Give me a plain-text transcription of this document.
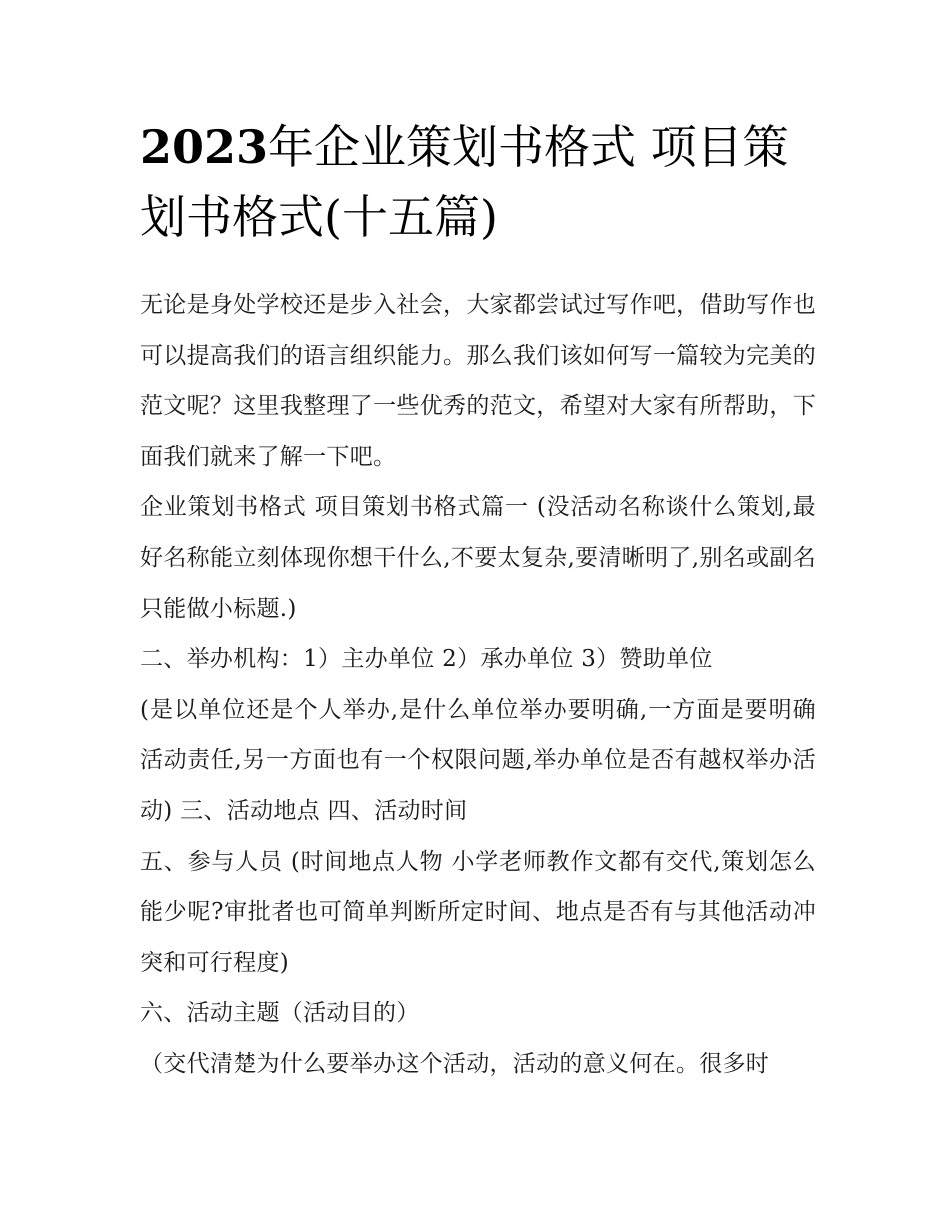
2023年企业策划书格式 项目策划书格式(十五篇)

无论是身处学校还是步入社会，大家都尝试过写作吧，借助写作也可以提高我们的语言组织能力。那么我们该如何写一篇较为完美的范文呢？这里我整理了一些优秀的范文，希望对大家有所帮助，下面我们就来了解一下吧。

企业策划书格式 项目策划书格式篇一 (没活动名称谈什么策划,最好名称能立刻体现你想干什么,不要太复杂,要清晰明了,别名或副名只能做小标题.)

二、举办机构：1）主办单位 2）承办单位 3）赞助单位

(是以单位还是个人举办,是什么单位举办要明确,一方面是要明确活动责任,另一方面也有一个权限问题,举办单位是否有越权举办活动) 三、活动地点 四、活动时间

五、参与人员 (时间地点人物 小学老师教作文都有交代,策划怎么能少呢?审批者也可简单判断所定时间、地点是否有与其他活动冲突和可行程度)

六、活动主题（活动目的）

（交代清楚为什么要举办这个活动，活动的意义何在。很多时
